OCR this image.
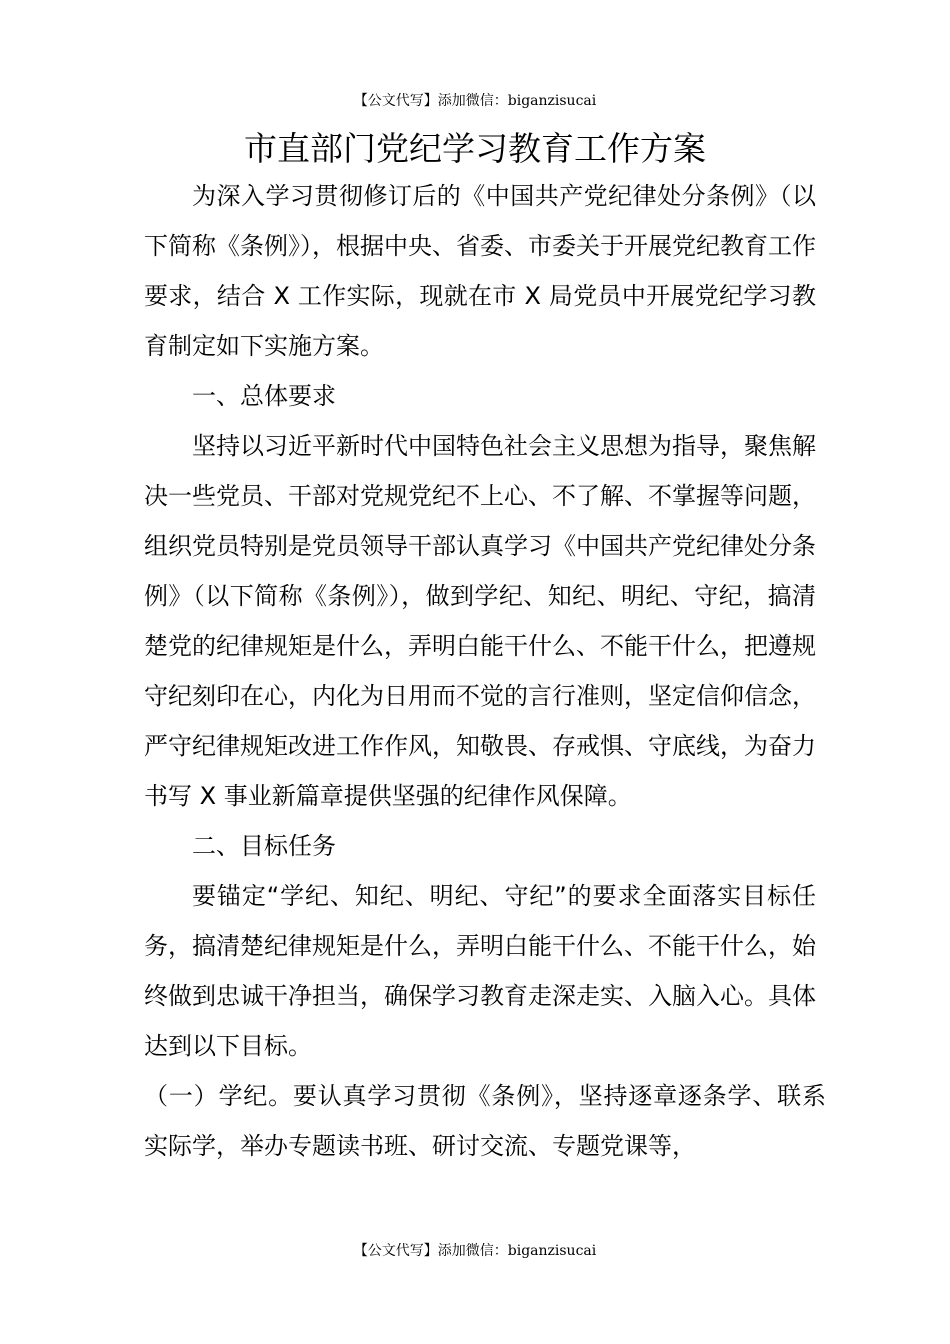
【公文代写】添加微信：biganzisucai
市直部门党纪学习教育工作方案

为深入学习贯彻修订后的《中国共产党纪律处分条例》（以下简称《条例》），根据中央、省委、市委关于开展党纪教育工作要求，结合 X 工作实际，现就在市 X 局党员中开展党纪学习教育制定如下实施方案。

一、总体要求

坚持以习近平新时代中国特色社会主义思想为指导，聚焦解决一些党员、干部对党规党纪不上心、不了解、不掌握等问题，组织党员特别是党员领导干部认真学习《中国共产党纪律处分条例》（以下简称《条例》），做到学纪、知纪、明纪、守纪，搞清楚党的纪律规矩是什么，弄明白能干什么、不能干什么，把遵规守纪刻印在心，内化为日用而不觉的言行准则，坚定信仰信念，严守纪律规矩改进工作作风，知敬畏、存戒惧、守底线，为奋力书写 X 事业新篇章提供坚强的纪律作风保障。

二、目标任务

要锚定“学纪、知纪、明纪、守纪”的要求全面落实目标任务，搞清楚纪律规矩是什么，弄明白能干什么、不能干什么，始终做到忠诚干净担当，确保学习教育走深走实、入脑入心。具体达到以下目标。

（一）学纪。要认真学习贯彻《条例》，坚持逐章逐条学、联系实际学，举办专题读书班、研讨交流、专题党课等，

【公文代写】添加微信：biganzisucai
